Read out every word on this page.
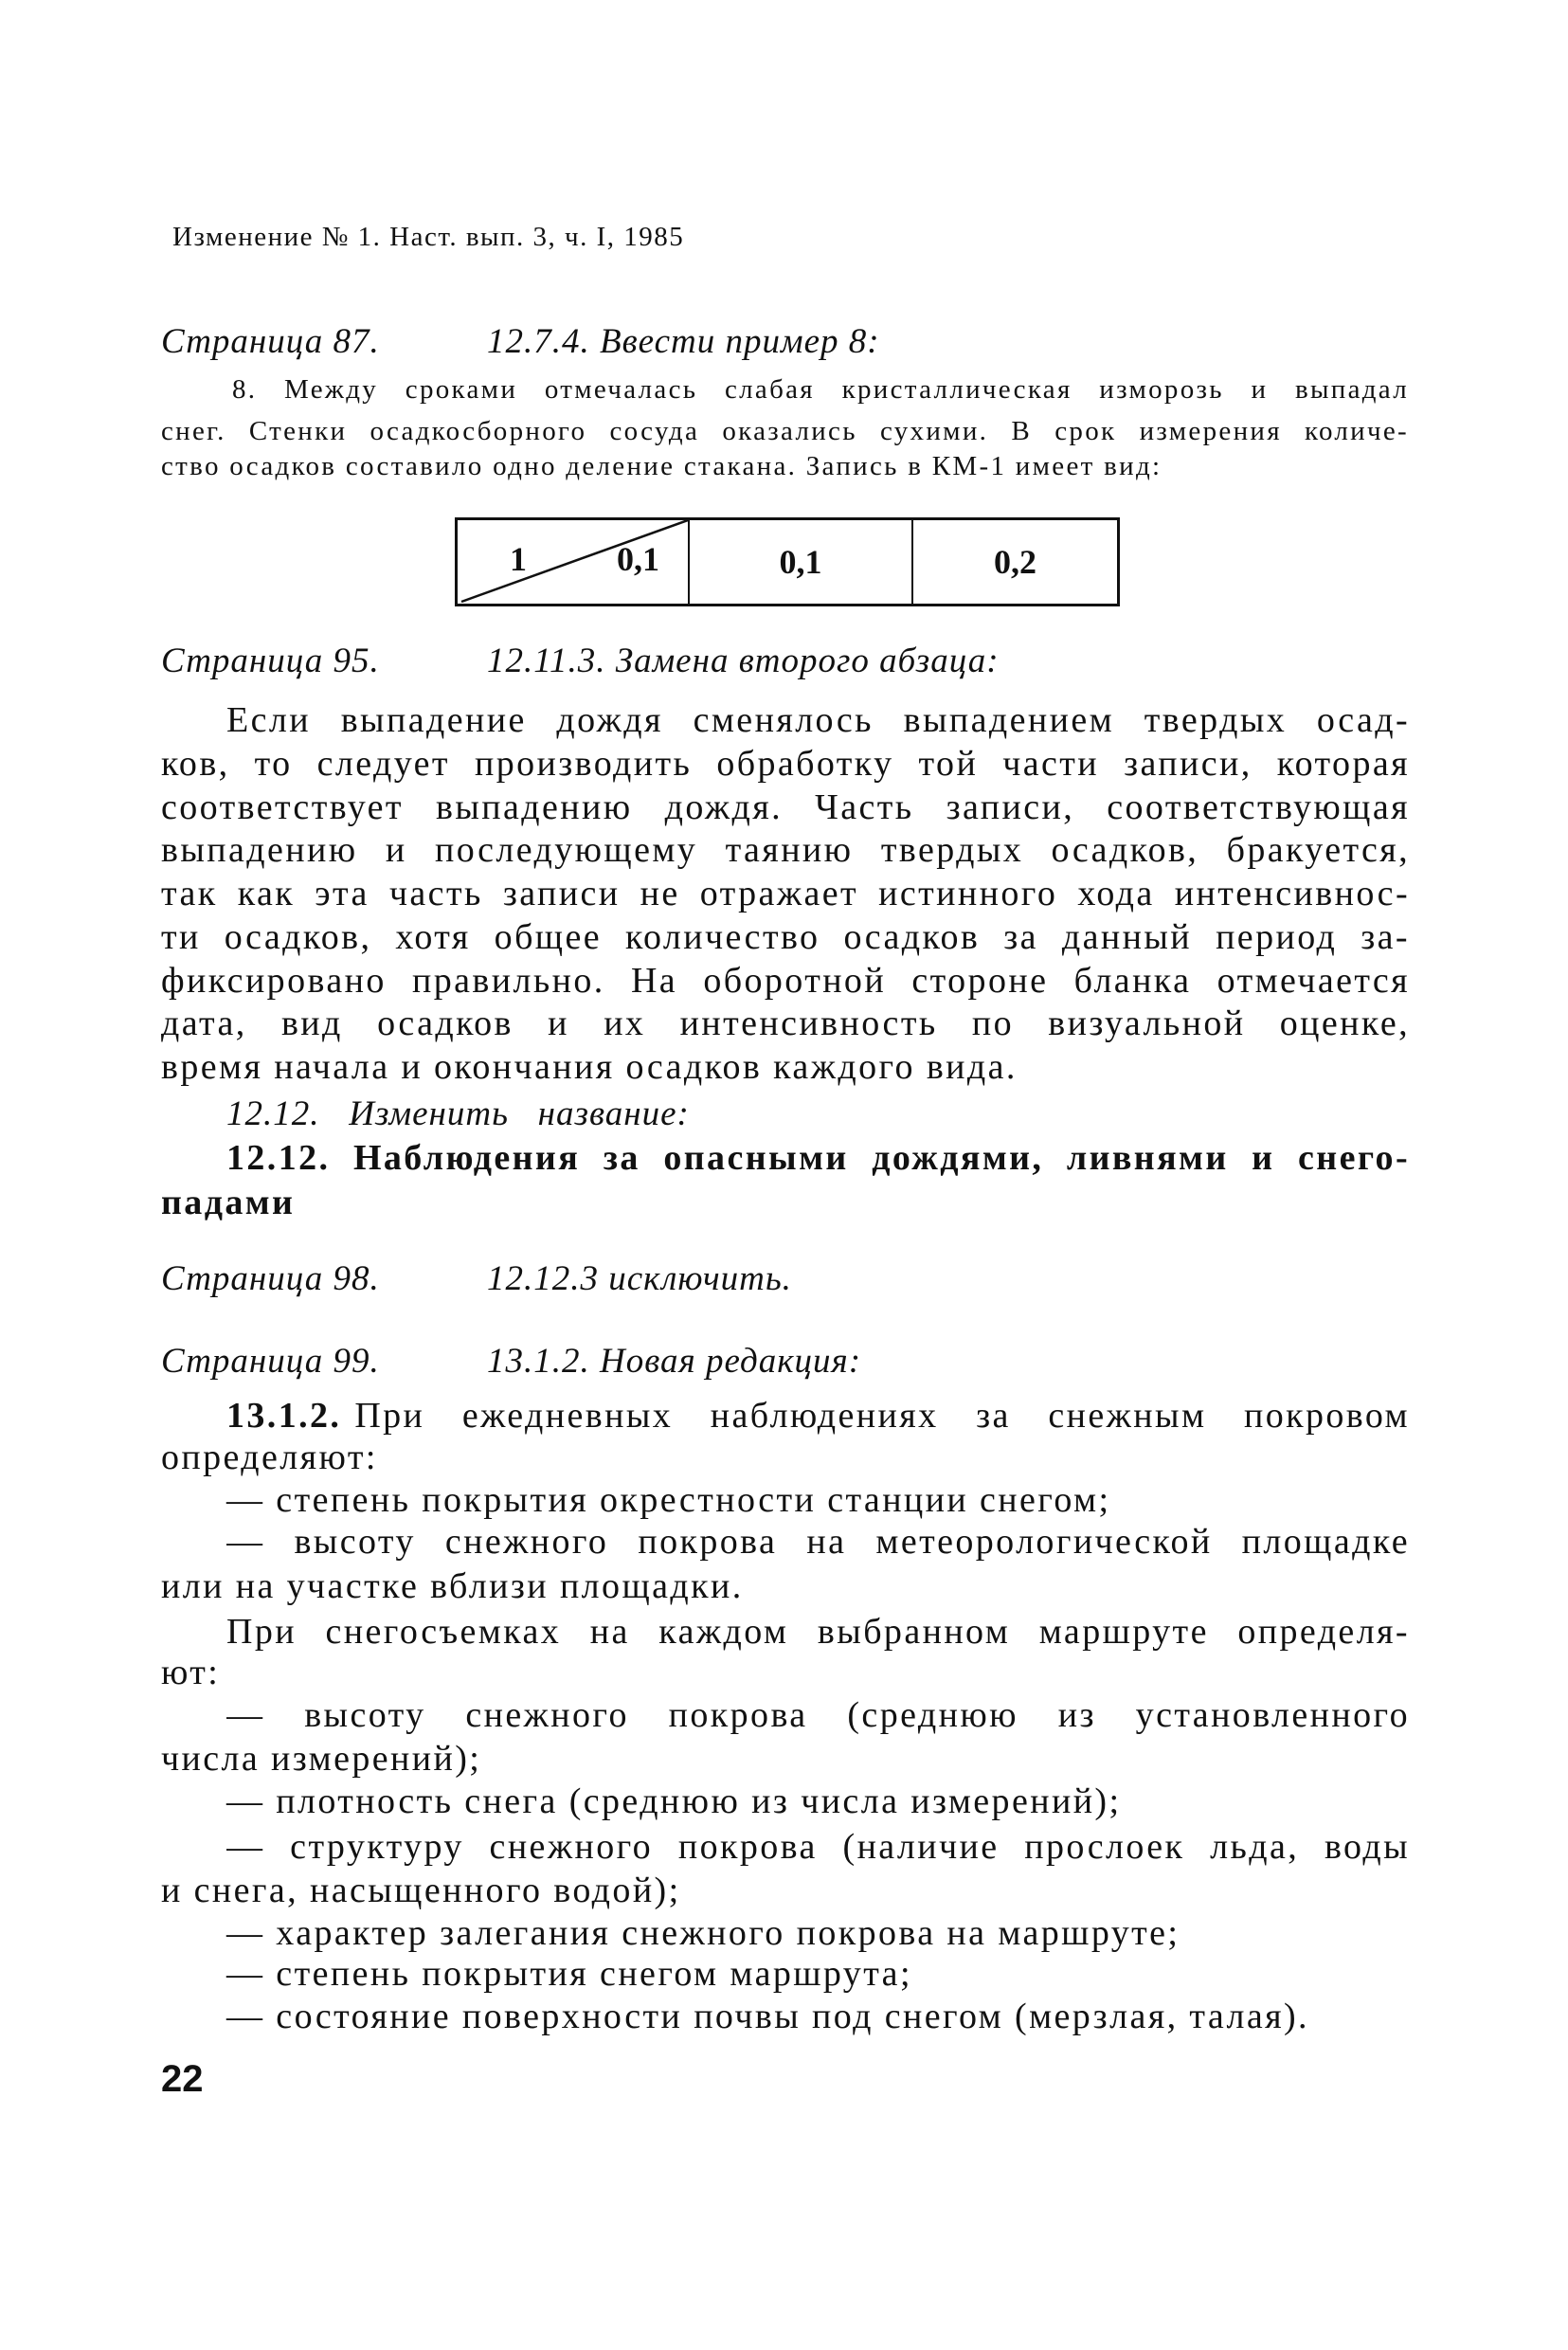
Изменение № 1. Наст. вып. 3, ч. I, 1985
Страница 87.	12.7.4. Ввести пример 8:
8. Между сроками отмечалась слабая кристаллическая изморозь и выпадал
снег. Стенки осадкосборного сосуда оказались сухими. В срок измерения количе-
ство осадков составило одно деление стакана. Запись в КМ-1 имеет вид:
1	0,1	0,1	0,2
Страница 95.	12.11.3. Замена второго абзаца:
Если выпадение дождя сменялось выпадением твердых осад-
ков, то следует производить обработку той части записи, которая
соответствует выпадению дождя. Часть записи, соответствующая
выпадению и последующему таянию твердых осадков, бракуется,
так как эта часть записи не отражает истинного хода интенсивнос-
ти осадков, хотя общее количество осадков за данный период за-
фиксировано правильно. На оборотной стороне бланка отмечается
дата, вид осадков и их интенсивность по визуальной оценке,
время начала и окончания осадков каждого вида.
12.12.   Изменить   название:
12.12. Наблюдения за опасными дождями, ливнями и снего-
падами
Страница 98.	12.12.3 исключить.
Страница 99.	13.1.2. Новая редакция:
13.1.2. При ежедневных наблюдениях за снежным покровом
определяют:
— степень покрытия окрестности станции снегом;
— высоту снежного покрова на метеорологической площадке
или на участке вблизи площадки.
При снегосъемках на каждом выбранном маршруте определя-
ют:
— высоту снежного покрова (среднюю из установленного
числа измерений);
— плотность снега (среднюю из числа измерений);
— структуру снежного покрова (наличие прослоек льда, воды
и снега, насыщенного водой);
— характер залегания снежного покрова на маршруте;
— степень покрытия снегом маршрута;
— состояние поверхности почвы под снегом (мерзлая, талая).
22
